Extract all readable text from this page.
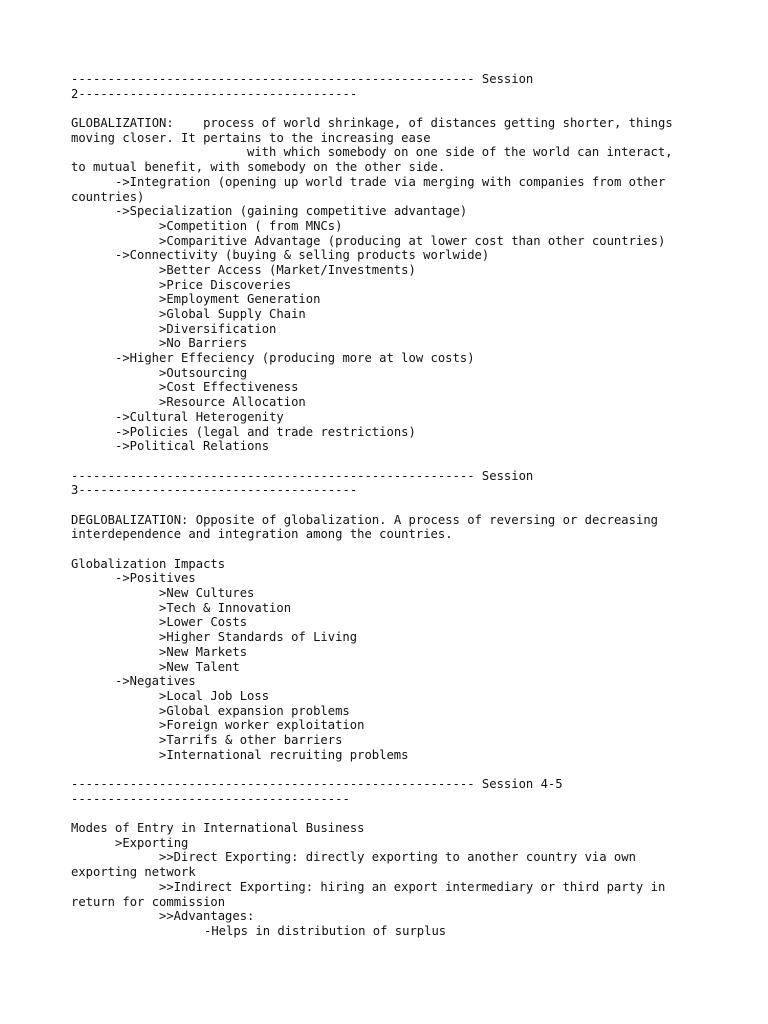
------------------------------------------------------- Session
2--------------------------------------
GLOBALIZATION:    process of world shrinkage, of distances getting shorter, things
moving closer. It pertains to the increasing ease
with which somebody on one side of the world can interact,
to mutual benefit, with somebody on the other side.
->Integration (opening up world trade via merging with companies from other
countries)
->Specialization (gaining competitive advantage)
>Competition ( from MNCs)
>Comparitive Advantage (producing at lower cost than other countries)
->Connectivity (buying & selling products worlwide)
>Better Access (Market/Investments)
>Price Discoveries
>Employment Generation
>Global Supply Chain
>Diversification
>No Barriers
->Higher Effeciency (producing more at low costs)
>Outsourcing
>Cost Effectiveness
>Resource Allocation
->Cultural Heterogenity
->Policies (legal and trade restrictions)
->Political Relations
------------------------------------------------------- Session
3--------------------------------------
DEGLOBALIZATION: Opposite of globalization. A process of reversing or decreasing
interdependence and integration among the countries.
Globalization Impacts
->Positives
>New Cultures
>Tech & Innovation
>Lower Costs
>Higher Standards of Living
>New Markets
>New Talent
->Negatives
>Local Job Loss
>Global expansion problems
>Foreign worker exploitation
>Tarrifs & other barriers
>International recruiting problems
------------------------------------------------------- Session 4-5
--------------------------------------
Modes of Entry in International Business
>Exporting
>>Direct Exporting: directly exporting to another country via own
exporting network
>>Indirect Exporting: hiring an export intermediary or third party in
return for commission
>>Advantages:
-Helps in distribution of surplus
